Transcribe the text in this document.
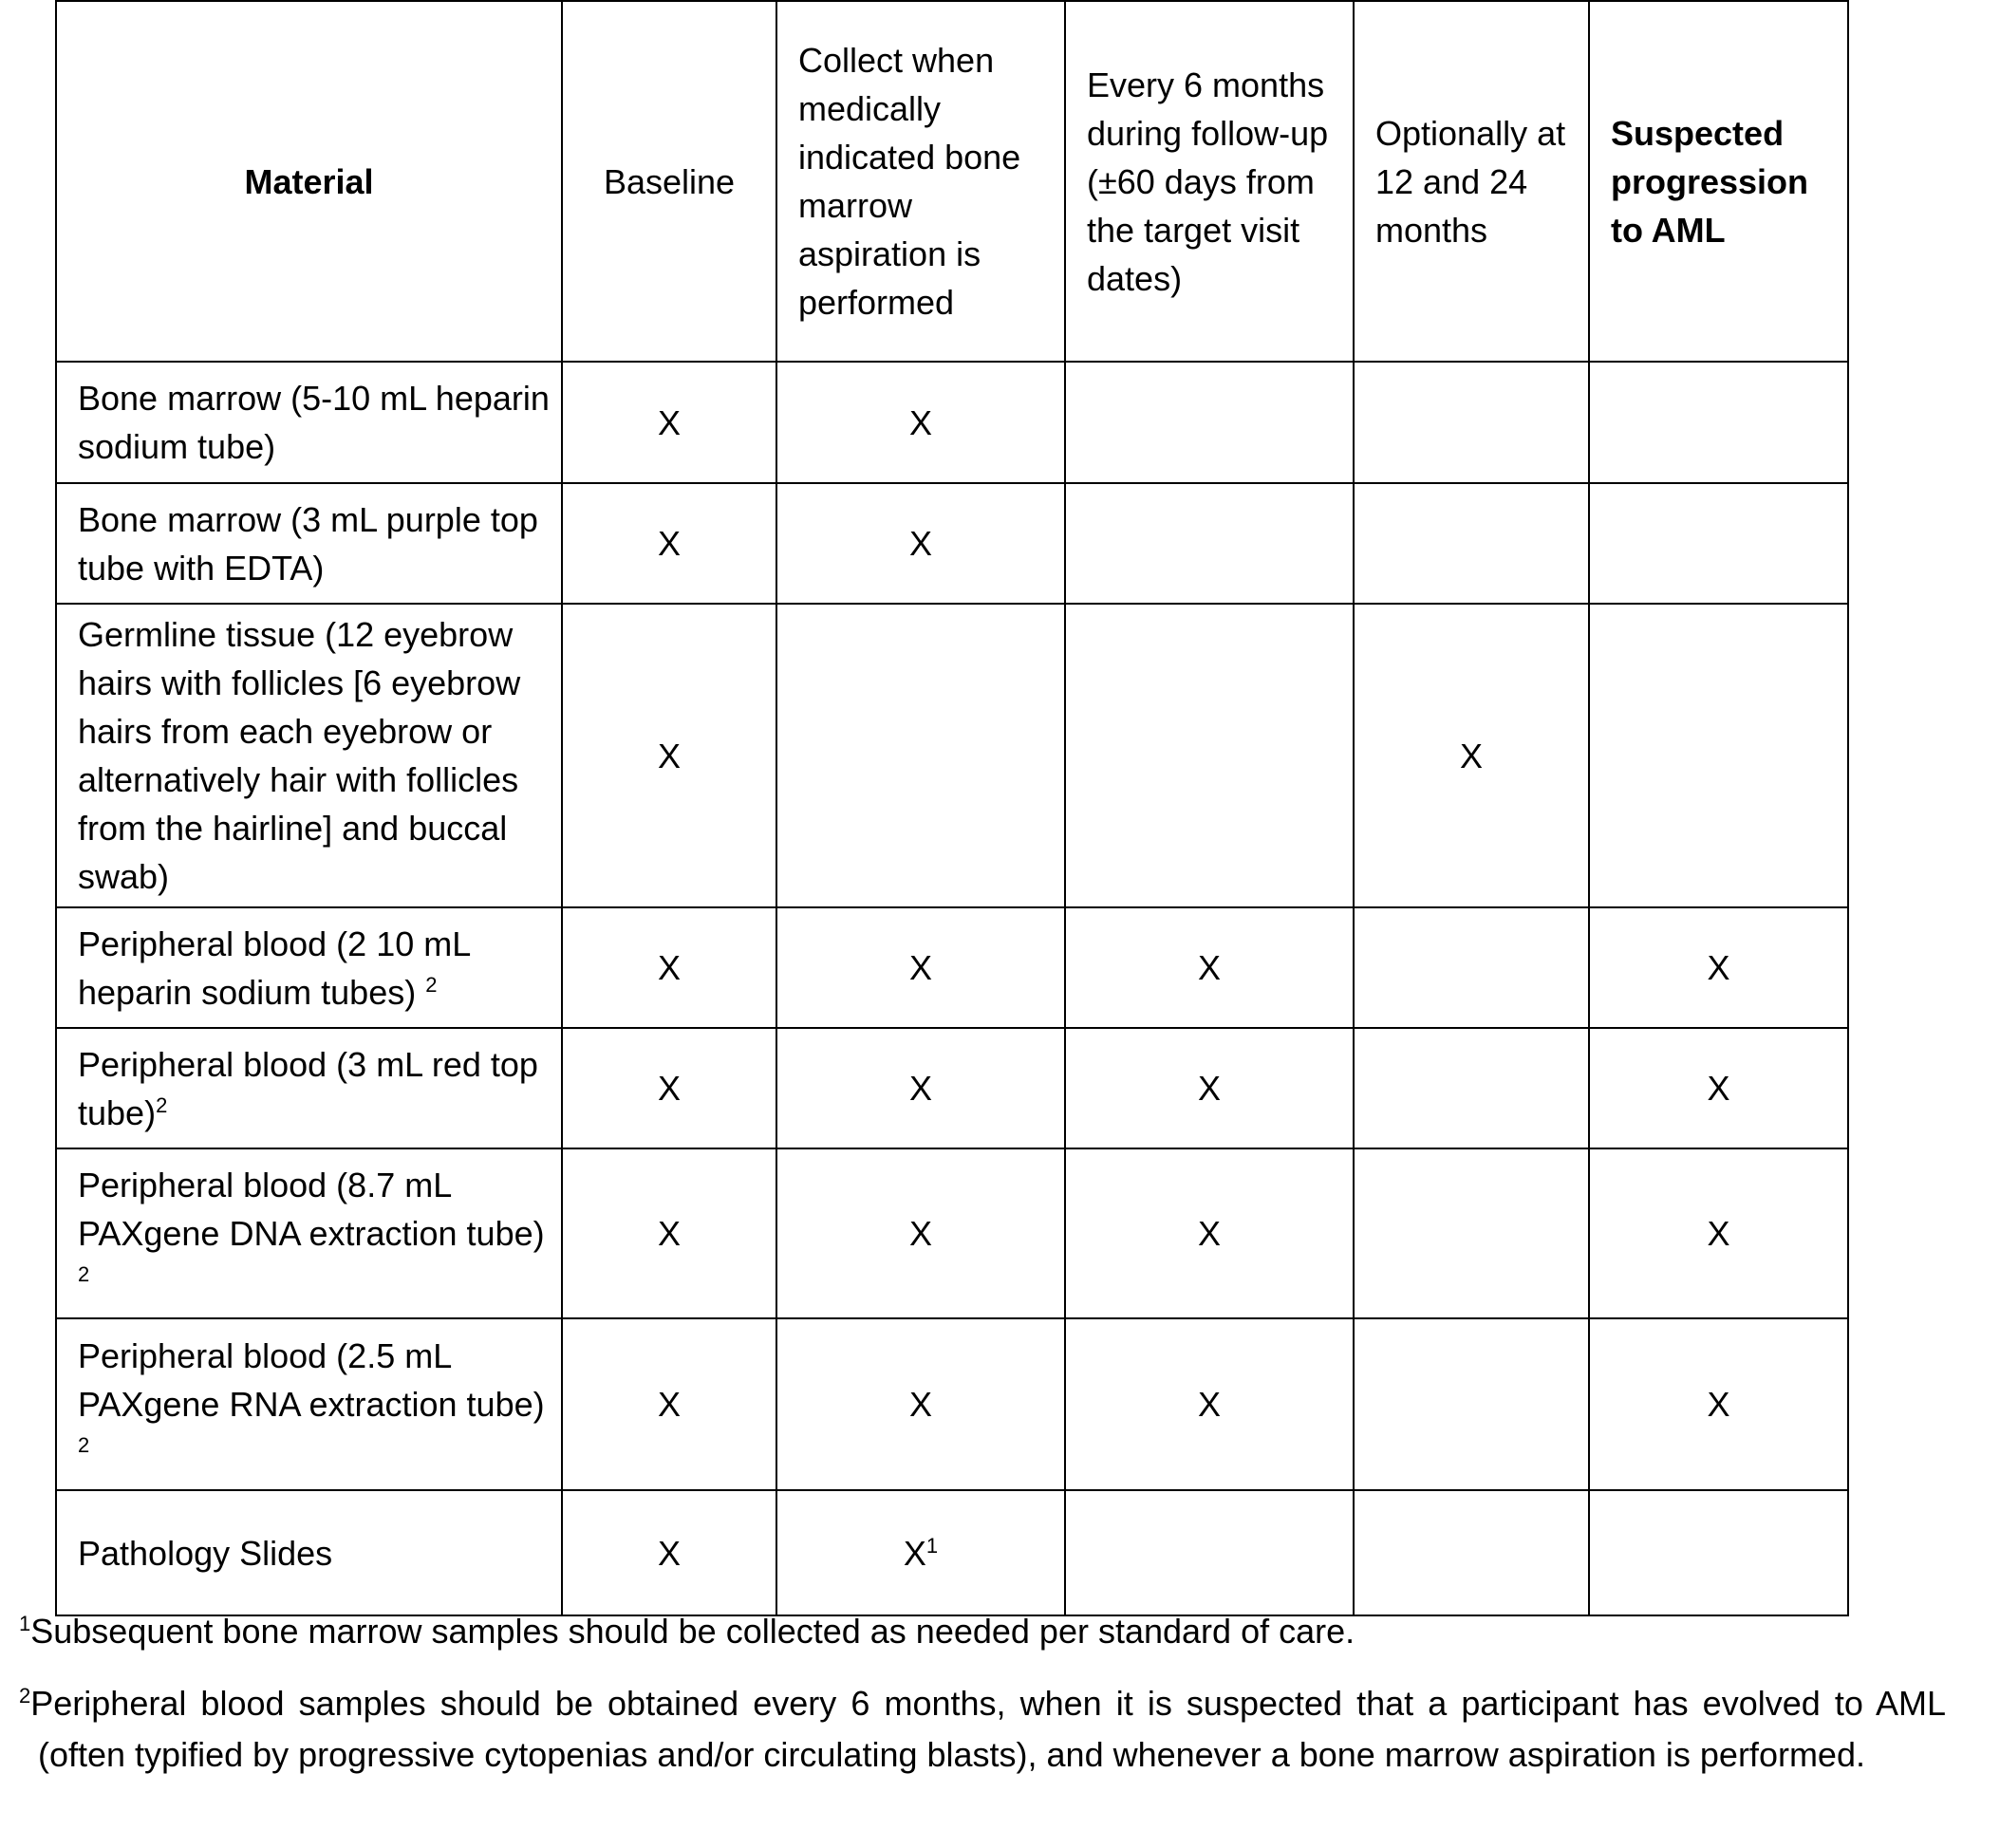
Material	Baseline	Collect when medically indicated bone marrow aspiration is performed	Every 6 months during follow-up (±60 days from the target visit dates)	Optionally at 12 and 24 months	Suspected progression to AML
Bone marrow (5-10 mL heparin sodium tube)	X	X			
Bone marrow (3 mL purple top tube with EDTA)	X	X			
Germline tissue (12 eyebrow hairs with follicles [6 eyebrow hairs from each eyebrow or alternatively hair with follicles from the hairline] and buccal swab)	X			X	
Peripheral blood (2 10 mL heparin sodium tubes) $^2$	X	X	X		X
Peripheral blood (3 mL red top tube)$^2$	X	X	X		X
Peripheral blood (8.7 mL PAXgene DNA extraction tube) $^2$	X	X	X		X
Peripheral blood (2.5 mL PAXgene RNA extraction tube) $^2$	X	X	X		X
Pathology Slides	X	$X^1$			

$^1$Subsequent bone marrow samples should be collected as needed per standard of care.

$^2$Peripheral blood samples should be obtained every 6 months, when it is suspected that a participant has evolved to AML (often typified by progressive cytopenias and/or circulating blasts), and whenever a bone marrow aspiration is performed.
